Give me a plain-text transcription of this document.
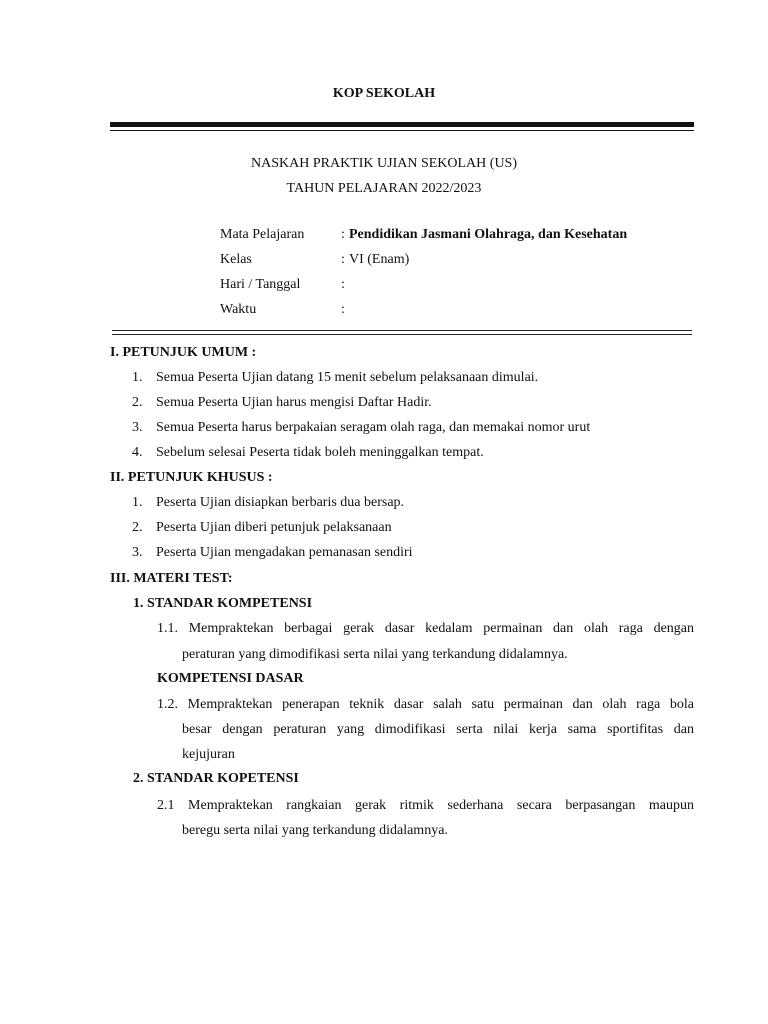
KOP SEKOLAH
NASKAH PRAKTIK UJIAN SEKOLAH (US)
TAHUN PELAJARAN 2022/2023
Mata Pelajaran	: Pendidikan Jasmani Olahraga, dan Kesehatan
Kelas	: VI (Enam)
Hari / Tanggal	:
Waktu	:
I. PETUNJUK UMUM :
1. Semua Peserta Ujian datang 15 menit sebelum pelaksanaan dimulai.
2. Semua Peserta Ujian harus mengisi Daftar Hadir.
3. Semua Peserta harus berpakaian seragam olah raga, dan memakai nomor urut
4. Sebelum selesai Peserta tidak boleh meninggalkan tempat.
II. PETUNJUK KHUSUS :
1. Peserta Ujian disiapkan berbaris dua bersap.
2. Peserta Ujian diberi petunjuk pelaksanaan
3. Peserta Ujian mengadakan pemanasan sendiri
III. MATERI TEST:
1. STANDAR KOMPETENSI
1.1. Mempraktekan berbagai gerak dasar kedalam permainan dan olah raga dengan
peraturan yang dimodifikasi serta nilai yang terkandung didalamnya.
KOMPETENSI DASAR
1.2. Mempraktekan penerapan teknik dasar salah satu permainan dan olah raga bola
besar dengan peraturan yang dimodifikasi serta nilai kerja sama sportifitas dan
kejujuran
2. STANDAR KOPETENSI
2.1 Mempraktekan rangkaian gerak ritmik sederhana secara berpasangan maupun
beregu serta nilai yang terkandung didalamnya.
